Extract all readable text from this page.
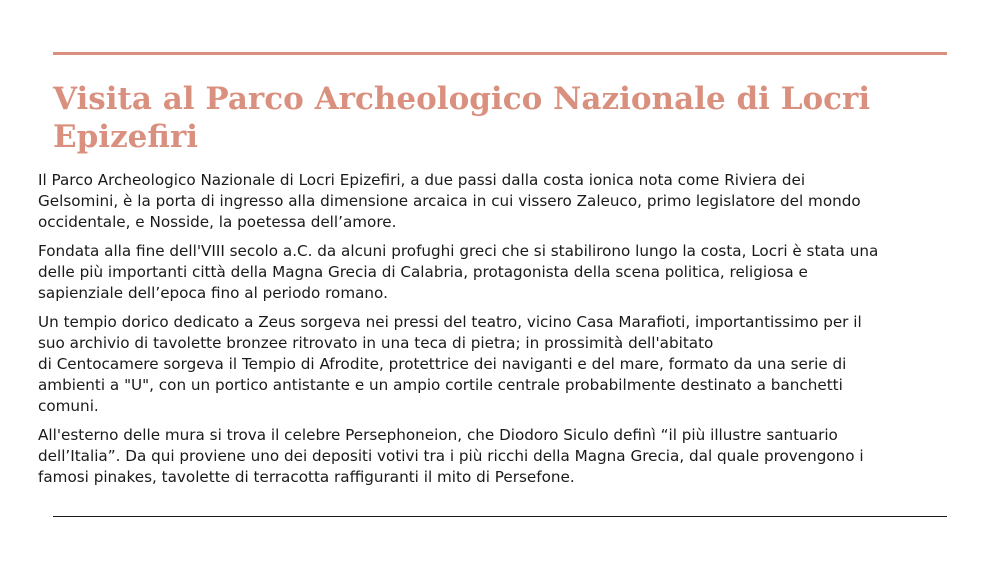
Visita al Parco Archeologico Nazionale di Locri
Epizefiri

Il Parco Archeologico Nazionale di Locri Epizefiri, a due passi dalla costa ionica nota come Riviera dei
Gelsomini, è la porta di ingresso alla dimensione arcaica in cui vissero Zaleuco, primo legislatore del mondo
occidentale, e Nosside, la poetessa dell’amore.

Fondata alla fine dell'VIII secolo a.C. da alcuni profughi greci che si stabilirono lungo la costa, Locri è stata una
delle più importanti città della Magna Grecia di Calabria, protagonista della scena politica, religiosa e
sapienziale dell’epoca fino al periodo romano.

Un tempio dorico dedicato a Zeus sorgeva nei pressi del teatro, vicino Casa Marafioti, importantissimo per il
suo archivio di tavolette bronzee ritrovato in una teca di pietra; in prossimità dell'abitato
di Centocamere sorgeva il Tempio di Afrodite, protettrice dei naviganti e del mare, formato da una serie di
ambienti a "U", con un portico antistante e un ampio cortile centrale probabilmente destinato a banchetti
comuni.

All'esterno delle mura si trova il celebre Persephoneion, che Diodoro Siculo definì “il più illustre santuario
dell’Italia”. Da qui proviene uno dei depositi votivi tra i più ricchi della Magna Grecia, dal quale provengono i
famosi pinakes, tavolette di terracotta raffiguranti il mito di Persefone.
